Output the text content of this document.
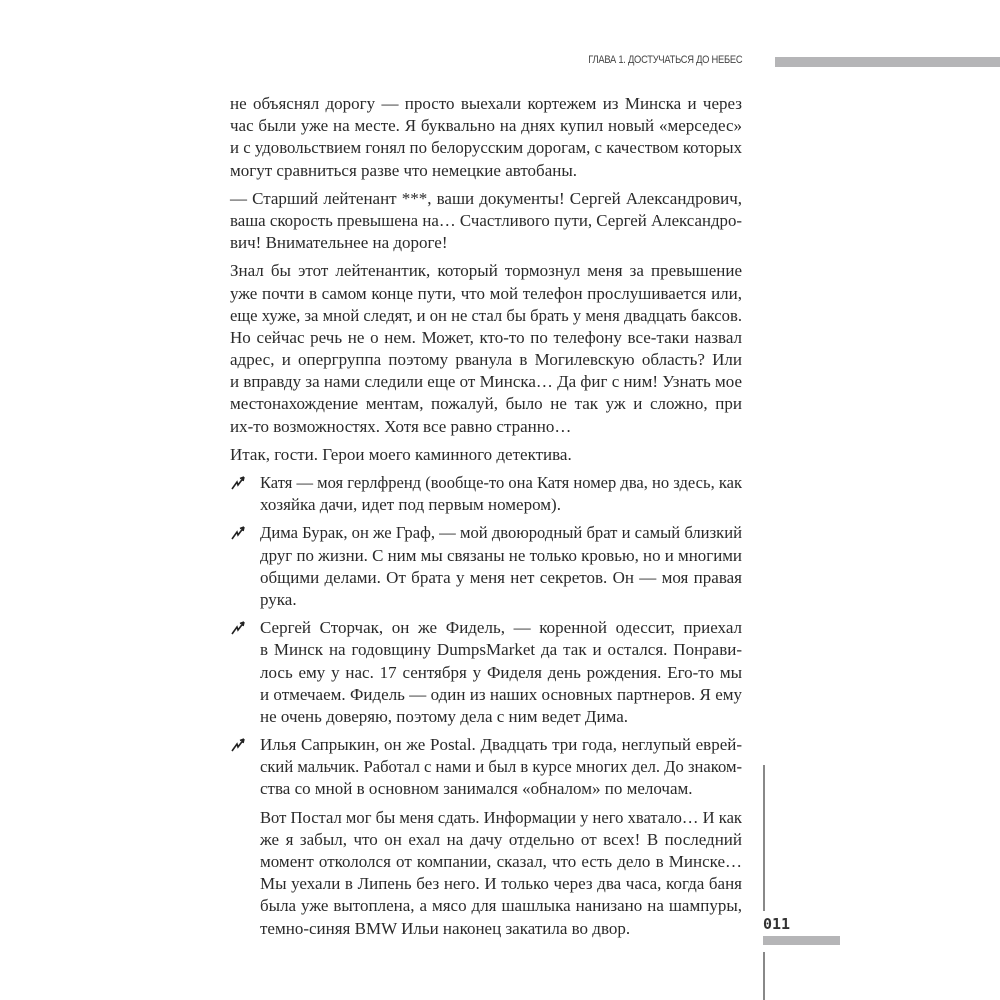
ГЛАВА 1. ДОСТУЧАТЬСЯ ДО НЕБЕС
не объяснял дорогу — просто выехали кортежем из Минска и через
час были уже на месте. Я буквально на днях купил новый «мерседес»
и с удовольствием гонял по белорусским дорогам, с качеством которых
могут сравниться разве что немецкие автобаны.
— Старший лейтенант ***, ваши документы! Сергей Александрович,
ваша скорость превышена на… Счастливого пути, Сергей Александро-
вич! Внимательнее на дороге!
Знал бы этот лейтенантик, который тормознул меня за превышение
уже почти в самом конце пути, что мой телефон прослушивается или,
еще хуже, за мной следят, и он не стал бы брать у меня двадцать баксов.
Но сейчас речь не о нем. Может, кто-то по телефону все-таки назвал
адрес, и опергруппа поэтому рванула в Могилевскую область? Или
и вправду за нами следили еще от Минска… Да фиг с ним! Узнать мое
местонахождение ментам, пожалуй, было не так уж и сложно, при
их-то возможностях. Хотя все равно странно…
Итак, гости. Герои моего каминного детектива.
Катя — моя герлфренд (вообще-то она Катя номер два, но здесь, как
хозяйка дачи, идет под первым номером).
Дима Бурак, он же Граф, — мой двоюродный брат и самый близкий
друг по жизни. С ним мы связаны не только кровью, но и многими
общими делами. От брата у меня нет секретов. Он — моя правая
рука.
Сергей Сторчак, он же Фидель, — коренной одессит, приехал
в Минск на годовщину DumpsMarket да так и остался. Понрави-
лось ему у нас. 17 сентября у Фиделя день рождения. Его-то мы
и отмечаем. Фидель — один из наших основных партнеров. Я ему
не очень доверяю, поэтому дела с ним ведет Дима.
Илья Сапрыкин, он же Postal. Двадцать три года, неглупый еврей-
ский мальчик. Работал с нами и был в курсе многих дел. До знаком-
ства со мной в основном занимался «обналом» по мелочам.
Вот Постал мог бы меня сдать. Информации у него хватало… И как
же я забыл, что он ехал на дачу отдельно от всех! В последний
момент откололся от компании, сказал, что есть дело в Минске…
Мы уехали в Липень без него. И только через два часа, когда баня
была уже вытоплена, а мясо для шашлыка нанизано на шампуры,
темно-синяя BMW Ильи наконец закатила во двор.	011
